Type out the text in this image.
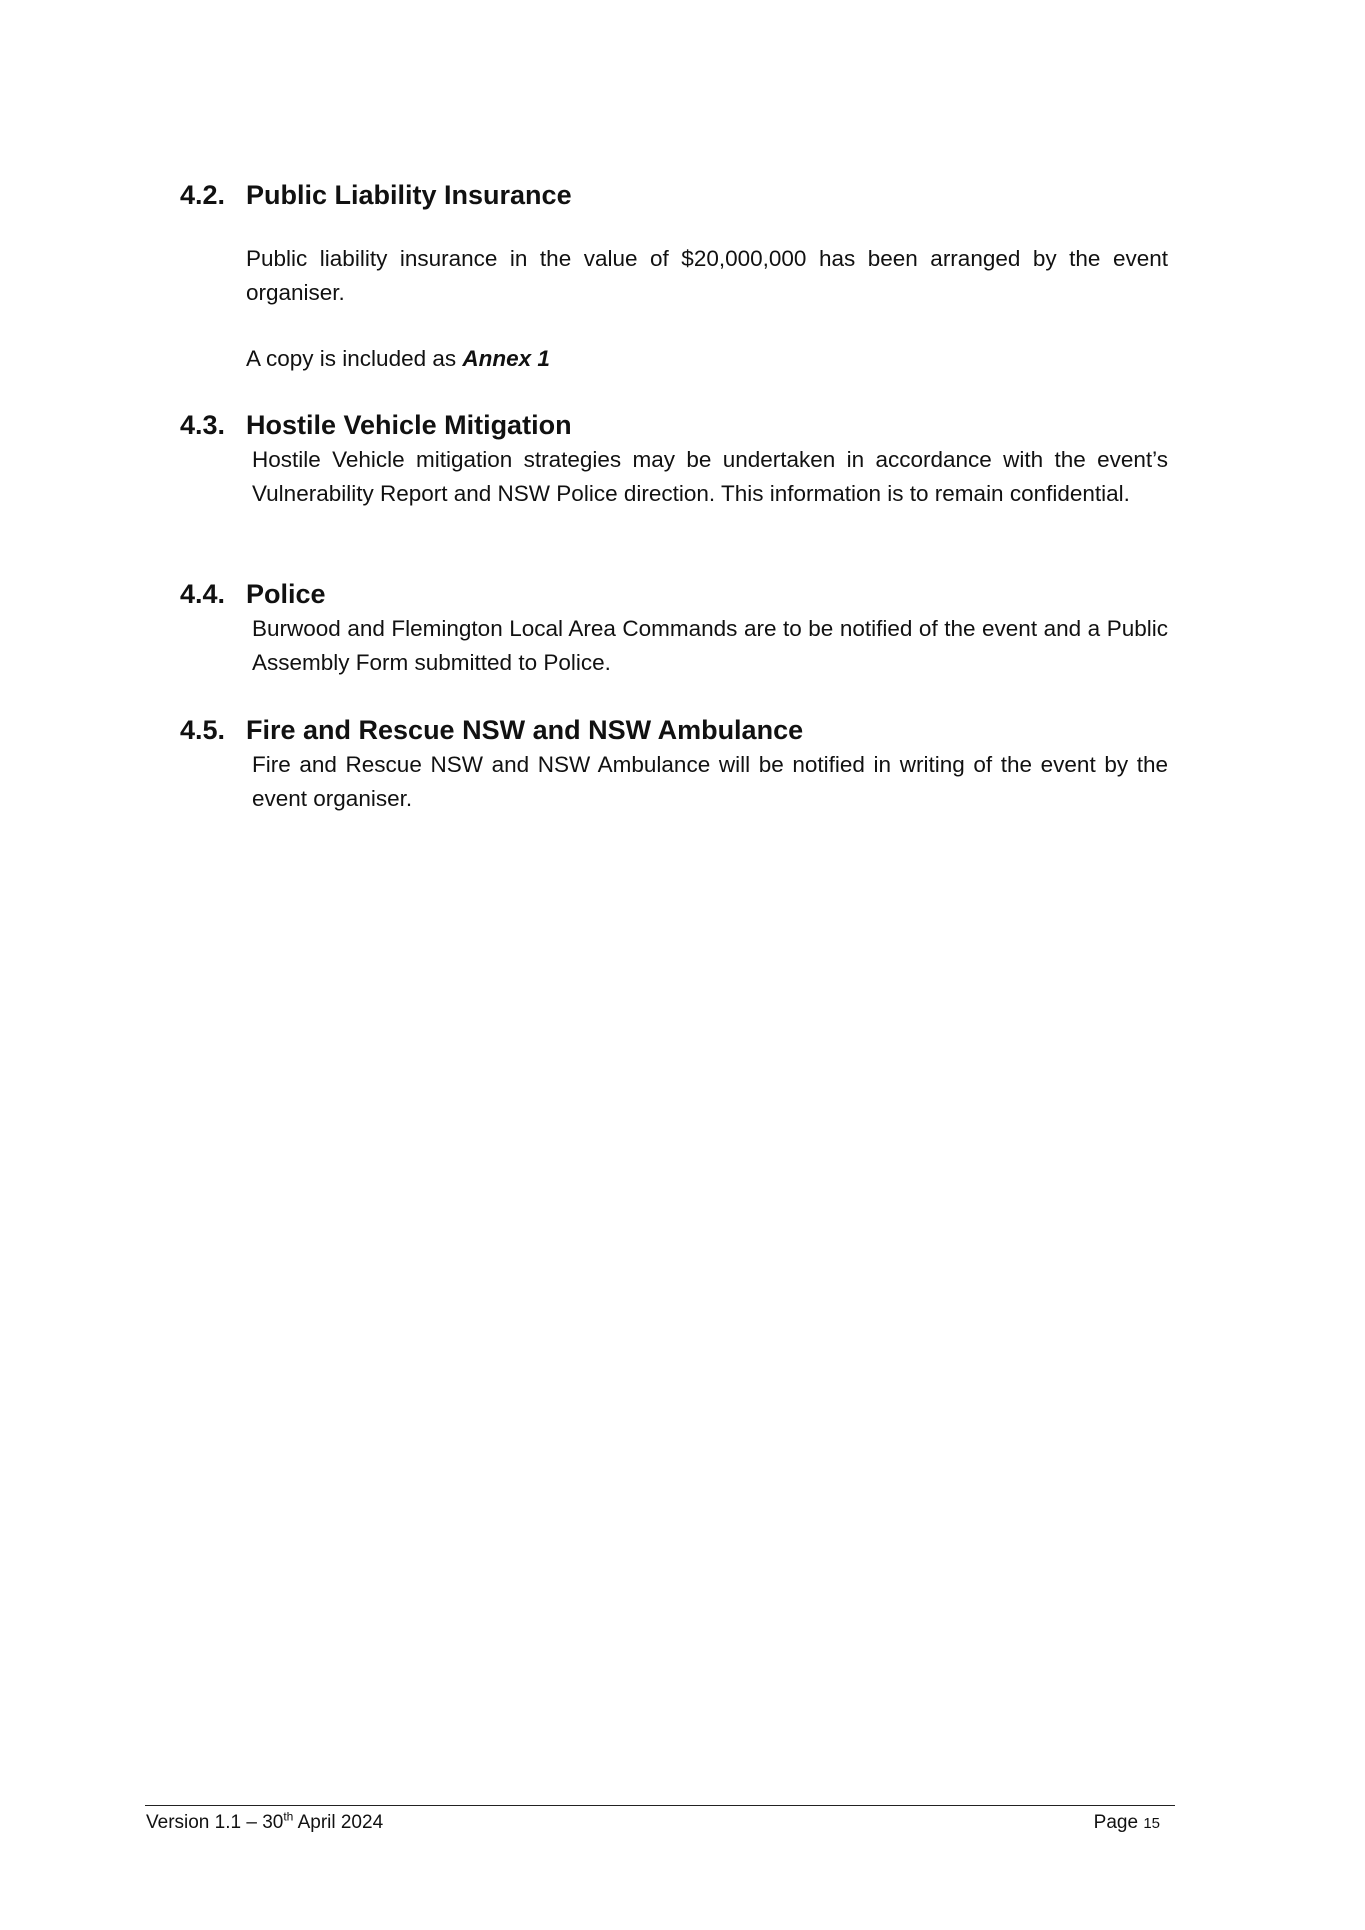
4.2. Public Liability Insurance

Public liability insurance in the value of $20,000,000 has been arranged by the event organiser.

A copy is included as Annex 1

4.3. Hostile Vehicle Mitigation

Hostile Vehicle mitigation strategies may be undertaken in accordance with the event’s Vulnerability Report and NSW Police direction. This information is to remain confidential.

4.4. Police

Burwood and Flemington Local Area Commands are to be notified of the event and a Public Assembly Form submitted to Police.

4.5. Fire and Rescue NSW and NSW Ambulance

Fire and Rescue NSW and NSW Ambulance will be notified in writing of the event by the event organiser.

Version 1.1 – 30th April 2024	Page 15
